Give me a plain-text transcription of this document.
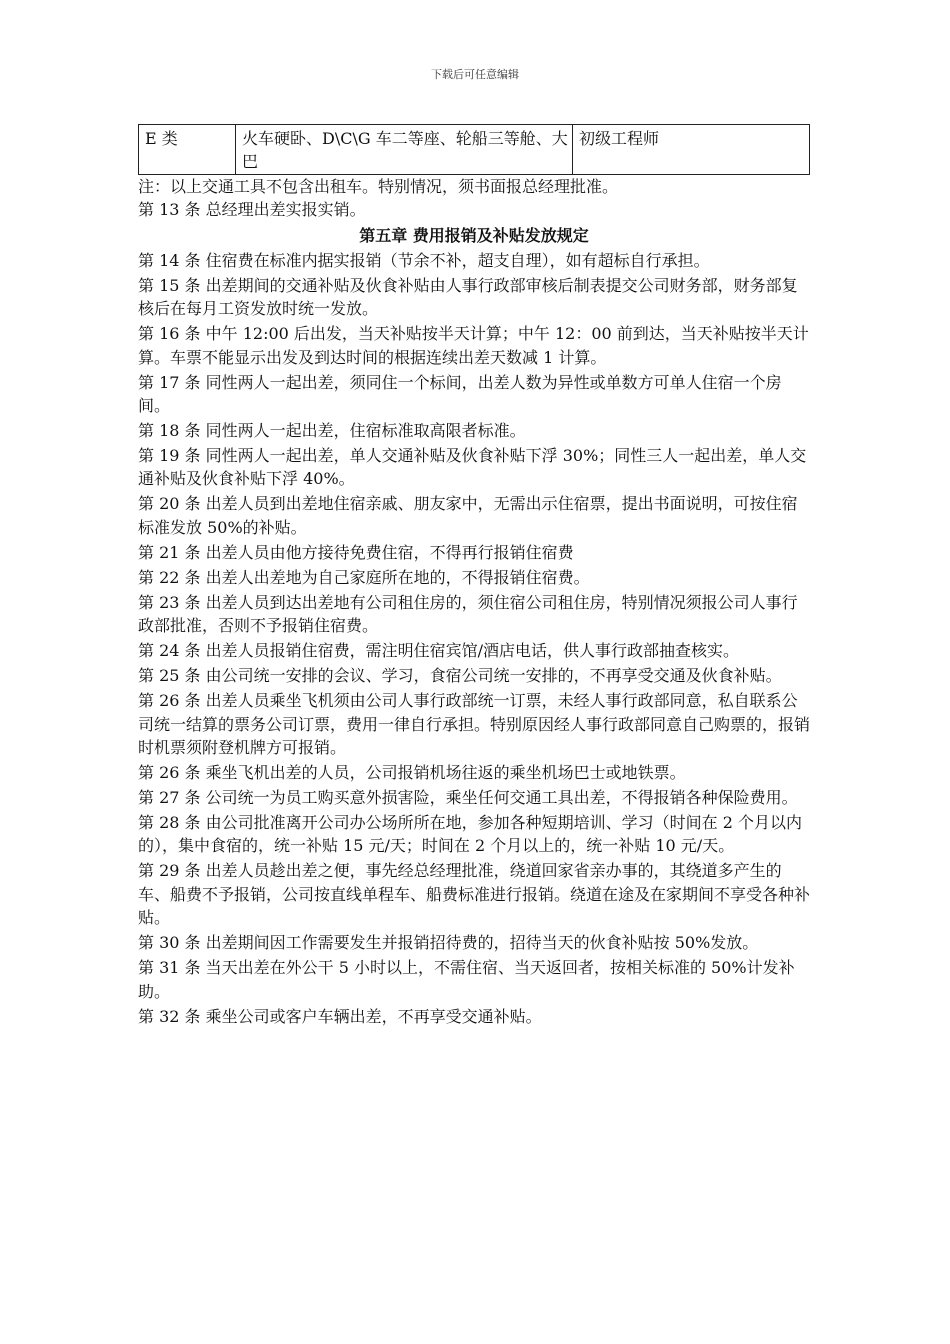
下载后可任意编辑
E 类	火车硬卧、D\C\G 车二等座、轮船三等舱、大巴	初级工程师

注：以上交通工具不包含出租车。特别情况，须书面报总经理批准。

第 13 条 总经理出差实报实销。

第五章 费用报销及补贴发放规定

第 14 条 住宿费在标准内据实报销（节余不补，超支自理），如有超标自行承担。

第 15 条 出差期间的交通补贴及伙食补贴由人事行政部审核后制表提交公司财务部，财务部复核后在每月工资发放时统一发放。

第 16 条 中午 12:00 后出发，当天补贴按半天计算；中午 12：00 前到达，当天补贴按半天计算。车票不能显示出发及到达时间的根据连续出差天数减 1 计算。

第 17 条 同性两人一起出差，须同住一个标间，出差人数为异性或单数方可单人住宿一个房间。

第 18 条 同性两人一起出差，住宿标准取高限者标准。

第 19 条 同性两人一起出差，单人交通补贴及伙食补贴下浮 30%；同性三人一起出差，单人交通补贴及伙食补贴下浮 40%。

第 20 条 出差人员到出差地住宿亲戚、朋友家中，无需出示住宿票，提出书面说明，可按住宿标准发放 50%的补贴。

第 21 条 出差人员由他方接待免费住宿，不得再行报销住宿费

第 22 条 出差人出差地为自己家庭所在地的，不得报销住宿费。

第 23 条 出差人员到达出差地有公司租住房的，须住宿公司租住房，特别情况须报公司人事行政部批准，否则不予报销住宿费。

第 24 条 出差人员报销住宿费，需注明住宿宾馆/酒店电话，供人事行政部抽查核实。

第 25 条 由公司统一安排的会议、学习，食宿公司统一安排的，不再享受交通及伙食补贴。

第 26 条 出差人员乘坐飞机须由公司人事行政部统一订票，未经人事行政部同意，私自联系公司统一结算的票务公司订票，费用一律自行承担。特别原因经人事行政部同意自己购票的，报销时机票须附登机牌方可报销。

第 26 条 乘坐飞机出差的人员，公司报销机场往返的乘坐机场巴士或地铁票。

第 27 条 公司统一为员工购买意外损害险，乘坐任何交通工具出差，不得报销各种保险费用。

第 28 条 由公司批准离开公司办公场所所在地，参加各种短期培训、学习（时间在 2 个月以内的），集中食宿的，统一补贴 15 元/天；时间在 2 个月以上的，统一补贴 10 元/天。

第 29 条 出差人员趁出差之便，事先经总经理批准，绕道回家省亲办事的，其绕道多产生的车、船费不予报销，公司按直线单程车、船费标准进行报销。绕道在途及在家期间不享受各种补贴。

第 30 条 出差期间因工作需要发生并报销招待费的，招待当天的伙食补贴按 50%发放。

第 31 条 当天出差在外公干 5 小时以上，不需住宿、当天返回者，按相关标准的 50%计发补助。

第 32 条 乘坐公司或客户车辆出差，不再享受交通补贴。
